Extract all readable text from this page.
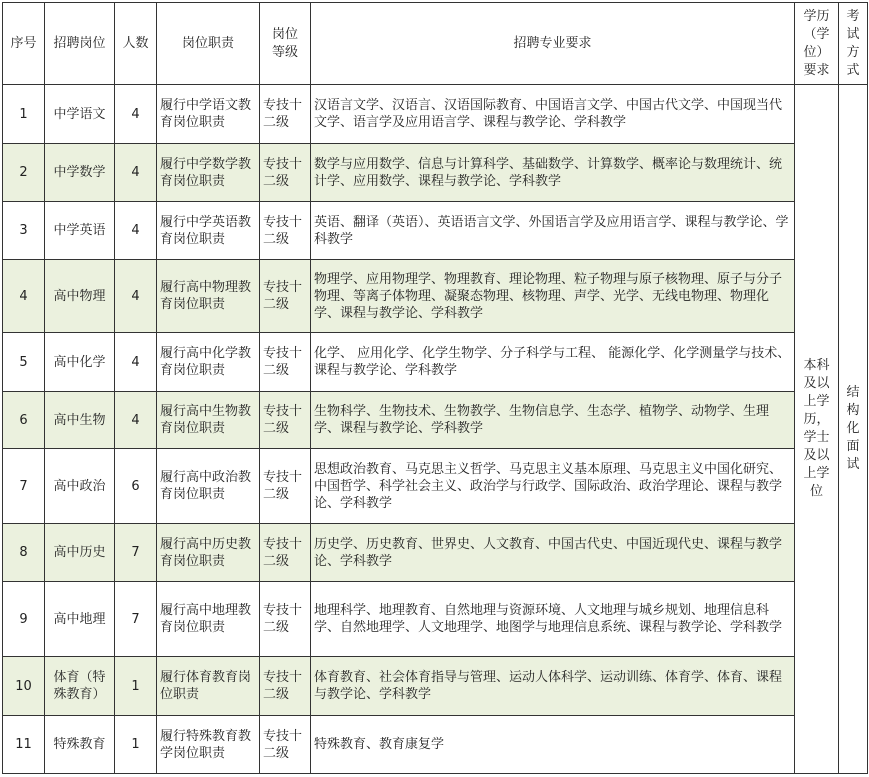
序号	招聘岗位	人数	岗位职责	岗位等级	招聘专业要求	学历（学位）要求	考试方式
1	中学语文	4	履行中学语文教育岗位职责	专技十二级	汉语言文学、汉语言、汉语国际教育、中国语言文学、中国古代文学、中国现当代文学、语言学及应用语言学、课程与教学论、学科教学	本科及以上学历，学士及以上学位	结构化面试
2	中学数学	4	履行中学数学教育岗位职责	专技十二级	数学与应用数学、信息与计算科学、基础数学、计算数学、概率论与数理统计、统计学、应用数学、课程与教学论、学科教学		
3	中学英语	4	履行中学英语教育岗位职责	专技十二级	英语、翻译（英语）、英语语言文学、外国语言学及应用语言学、课程与教学论、学科教学		
4	高中物理	4	履行高中物理教育岗位职责	专技十二级	物理学、应用物理学、物理教育、理论物理、粒子物理与原子核物理、原子与分子物理、等离子体物理、凝聚态物理、核物理、声学、光学、无线电物理、物理化学、课程与教学论、学科教学		
5	高中化学	4	履行高中化学教育岗位职责	专技十二级	化学、 应用化学、化学生物学、分子科学与工程、 能源化学、化学测量学与技术、课程与教学论、学科教学		
6	高中生物	4	履行高中生物教育岗位职责	专技十二级	生物科学、生物技术、生物教学、生物信息学、生态学、植物学、动物学、生理学、课程与教学论、学科教学		
7	高中政治	6	履行高中政治教育岗位职责	专技十二级	思想政治教育、马克思主义哲学、马克思主义基本原理、马克思主义中国化研究、中国哲学、科学社会主义、政治学与行政学、国际政治、政治学理论、课程与教学论、学科教学		
8	高中历史	7	履行高中历史教育岗位职责	专技十二级	历史学、历史教育、世界史、人文教育、中国古代史、中国近现代史、课程与教学论、学科教学		
9	高中地理	7	履行高中地理教育岗位职责	专技十二级	地理科学、地理教育、自然地理与资源环境、人文地理与城乡规划、地理信息科学、自然地理学、人文地理学、地图学与地理信息系统、课程与教学论、学科教学		
10	体育（特殊教育）	1	履行体育教育岗位职责	专技十二级	体育教育、社会体育指导与管理、运动人体科学、运动训练、体育学、体育、课程与教学论、学科教学		
11	特殊教育	1	履行特殊教育教学岗位职责	专技十二级	特殊教育、教育康复学		
